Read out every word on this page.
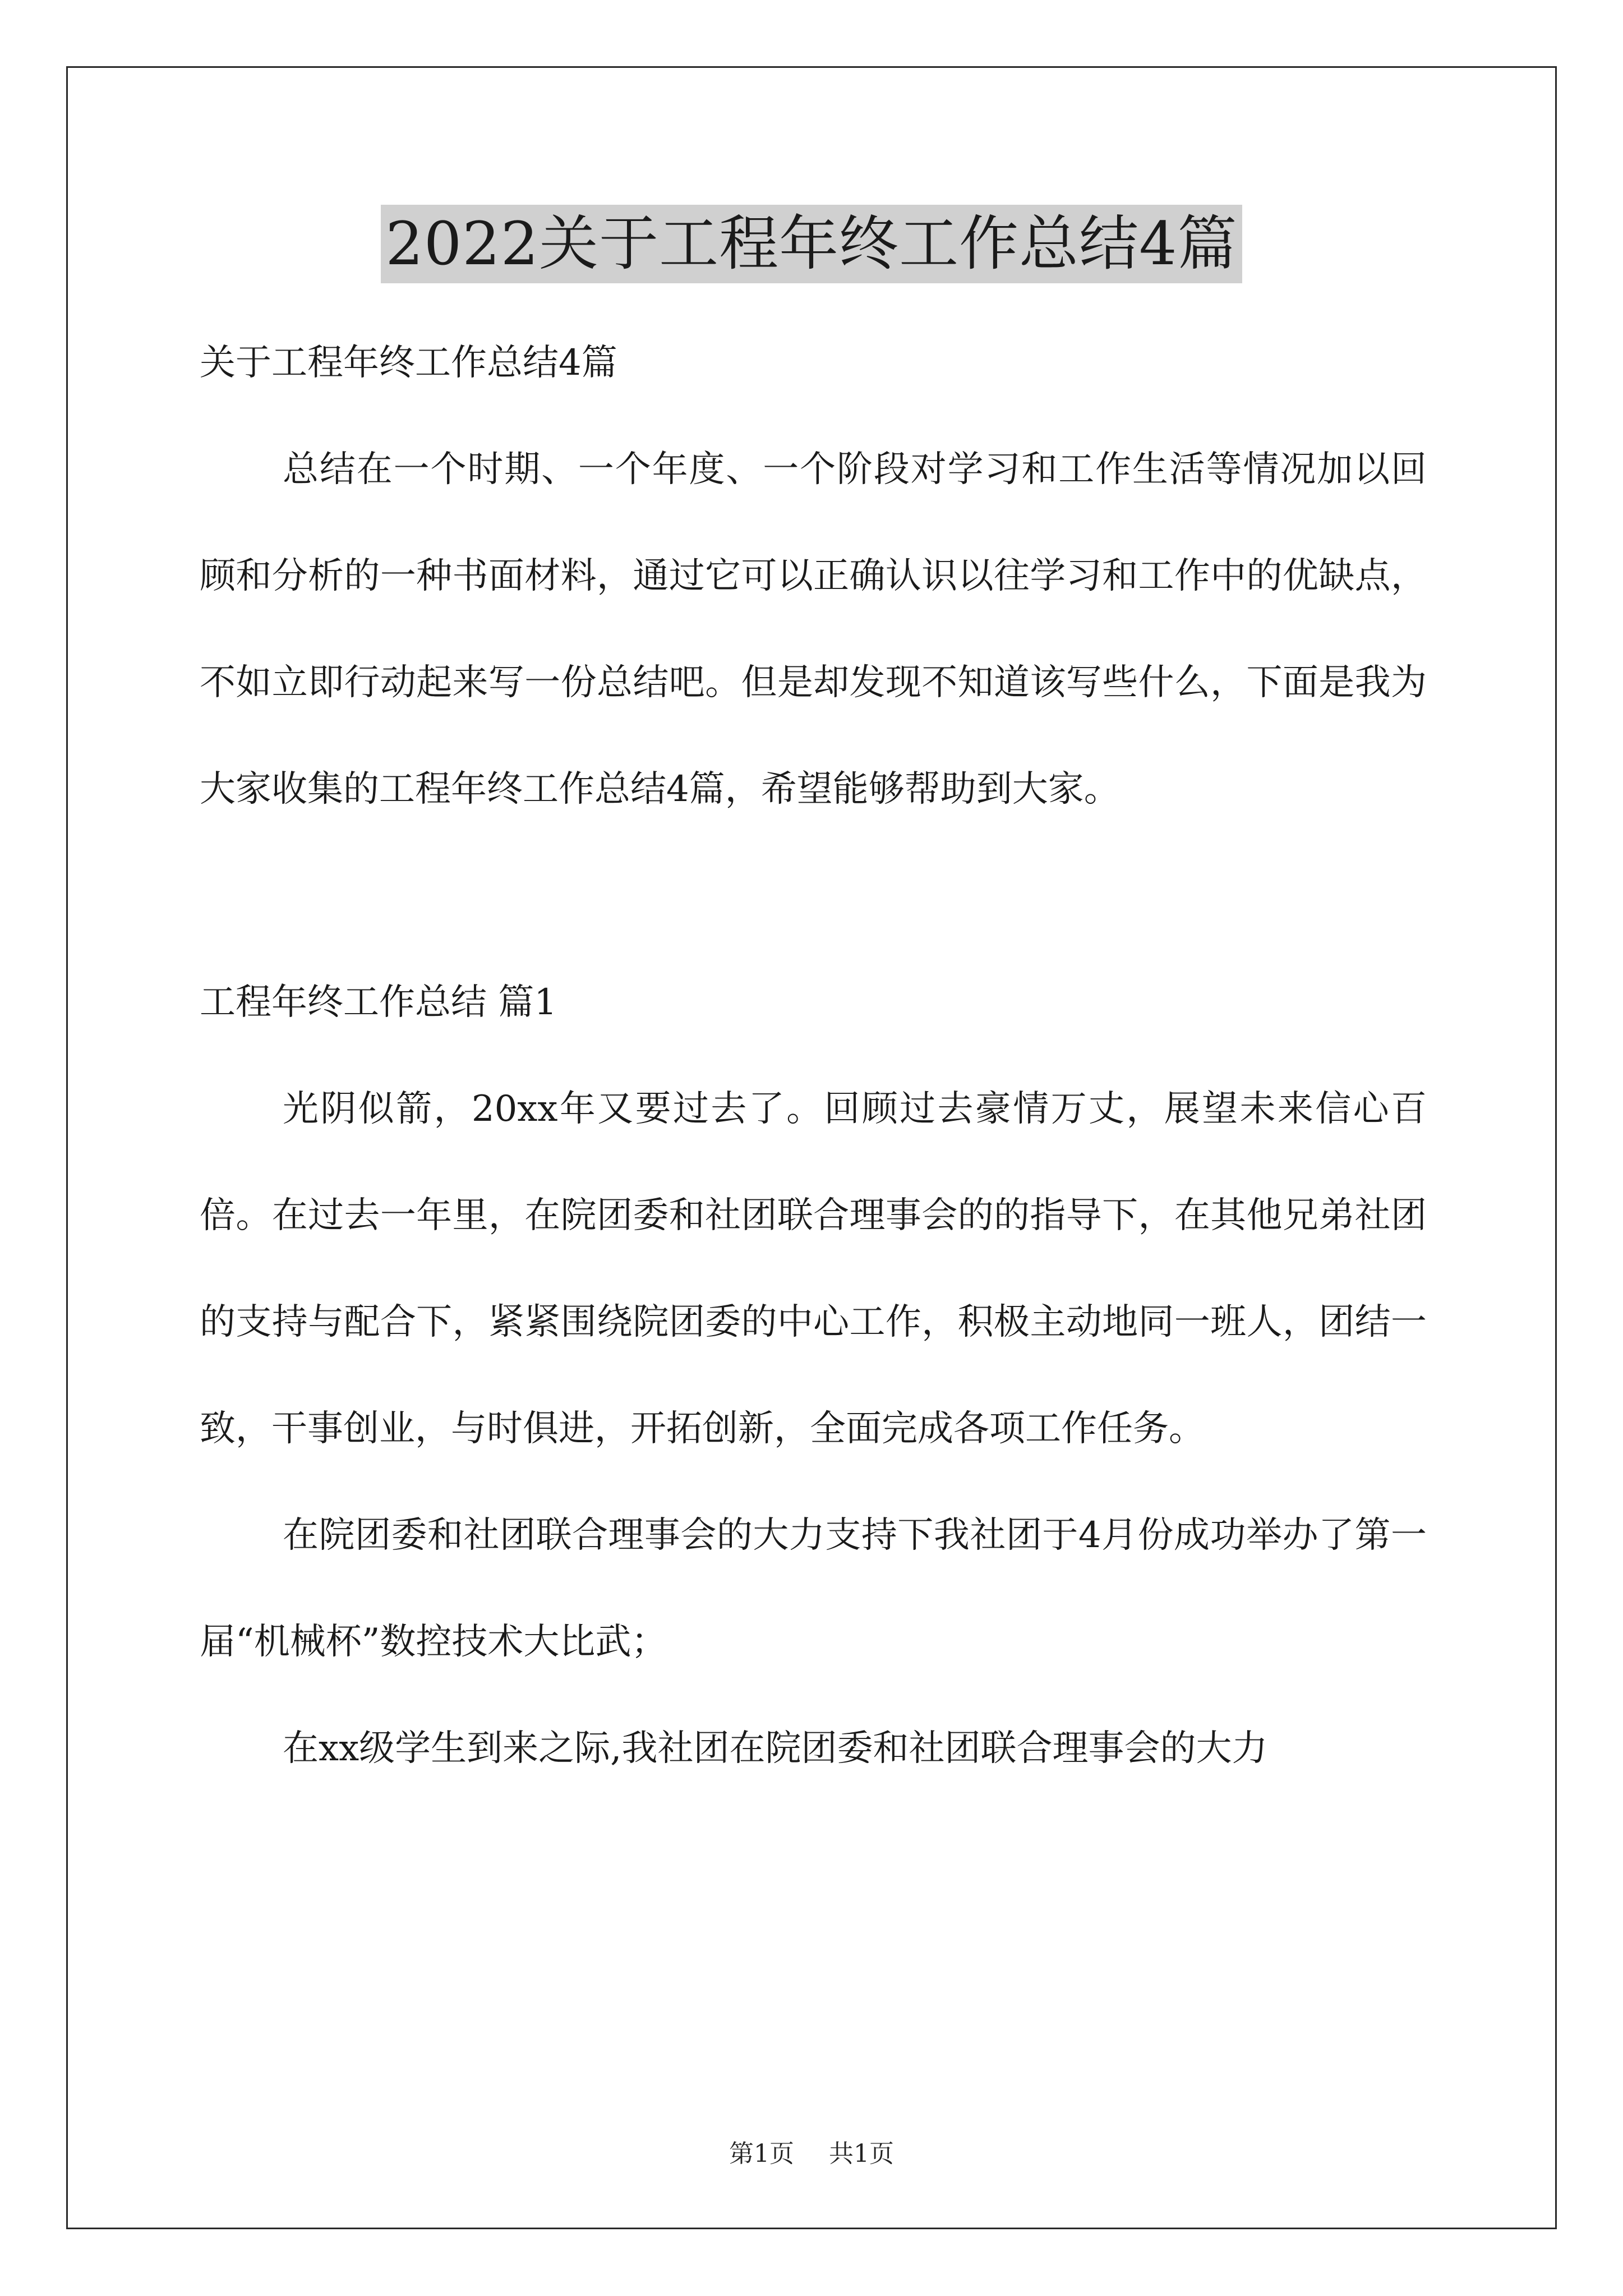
2022关于工程年终工作总结4篇

关于工程年终工作总结4篇

总结在一个时期、一个年度、一个阶段对学习和工作生活等情况加以回顾和分析的一种书面材料，通过它可以正确认识以往学习和工作中的优缺点，不如立即行动起来写一份总结吧。但是却发现不知道该写些什么，下面是我为大家收集的工程年终工作总结4篇，希望能够帮助到大家。

工程年终工作总结 篇1

光阴似箭，20xx年又要过去了。回顾过去豪情万丈，展望未来信心百倍。在过去一年里，在院团委和社团联合理事会的的指导下，在其他兄弟社团的支持与配合下，紧紧围绕院团委的中心工作，积极主动地同一班人，团结一致，干事创业，与时俱进，开拓创新，全面完成各项工作任务。

在院团委和社团联合理事会的大力支持下我社团于4月份成功举办了第一届“机械杯”数控技术大比武；

在xx级学生到来之际,我社团在院团委和社团联合理事会的大力

第1页 共1页
